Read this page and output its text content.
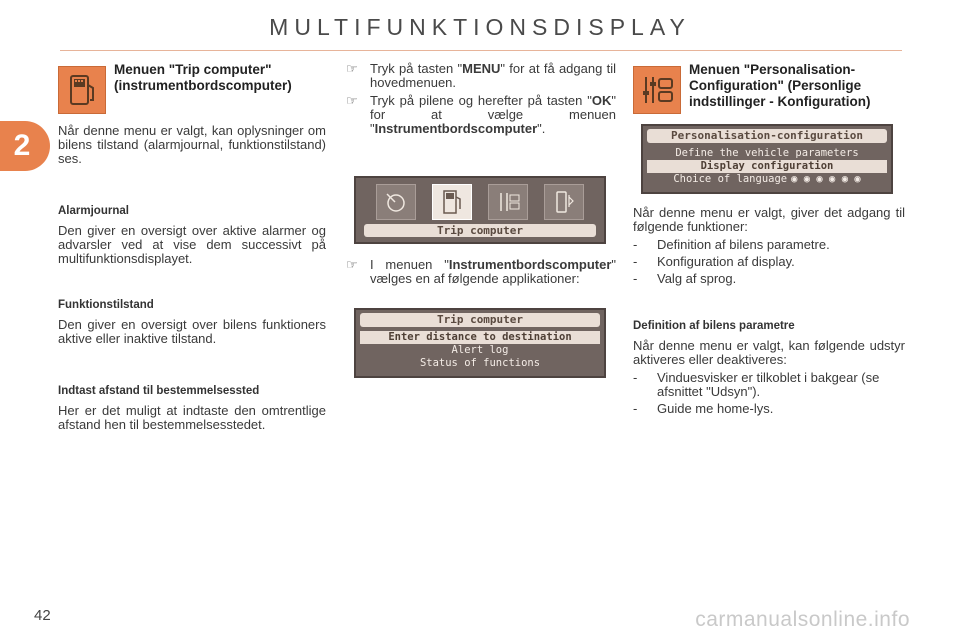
MULTIFUNKTIONSDISPLAY
2
Menuen "Trip computer"
(instrumentbordscomputer)

Når denne menu er valgt, kan oplysninger om bilens tilstand (alarmjournal, funktionstilstand) ses.

Alarmjournal

Den giver en oversigt over aktive alarmer og advarsler ved at vise dem successivt på multifunktionsdisplayet.

Funktionstilstand

Den giver en oversigt over bilens funktioners aktive eller inaktive tilstand.

Indtast afstand til bestemmelsessted

Her er det muligt at indtaste den omtrentlige afstand hen til bestemmelsesstedet.

☞ Tryk på tasten "MENU" for at få adgang til hovedmenuen.
☞ Tryk på pilene og herefter på tasten "OK" for at vælge menuen "Instrumentbordscomputer".
Trip computer
☞ I menuen "Instrumentbordscomputer" vælges en af følgende applikationer:
Trip computer
Enter distance to destination
Alert log
Status of functions
Menuen "Personalisation-
Configuration" (Personlige
indstillinger - Konfiguration)
Personalisation-configuration
Define the vehicle parameters
Display configuration
Choice of language ◉ ◉ ◉ ◉ ◉ ◉

Når denne menu er valgt, giver det adgang til følgende funktioner:

-	Definition af bilens parametre.
-	Konfiguration af display.
-	Valg af sprog.
Definition af bilens parametre

Når denne menu er valgt, kan følgende udstyr aktiveres eller deaktiveres:

-	Vinduesvisker er tilkoblet i bakgear (se afsnittet "Udsyn").
-	Guide me home-lys.
42	carmanualsonline.info
